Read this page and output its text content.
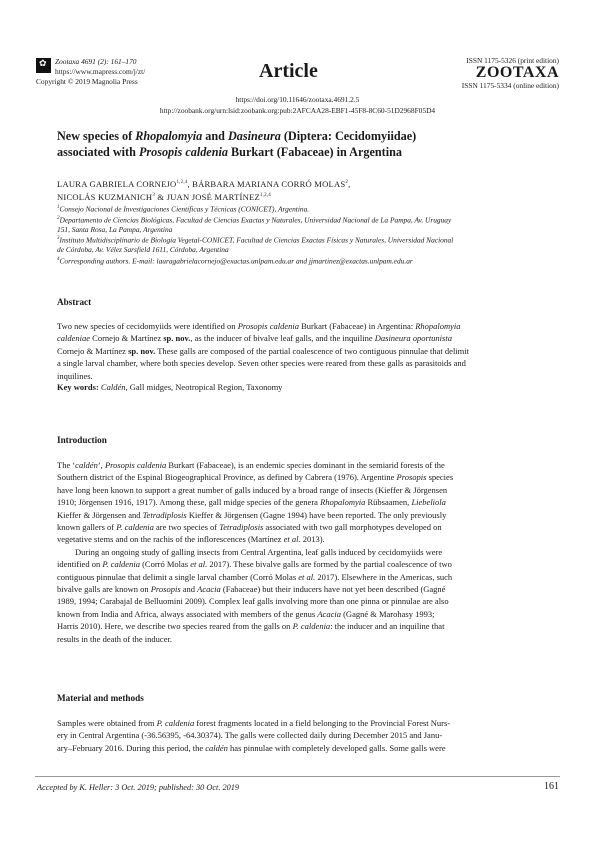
✿ Zootaxa 4691 (2): 161–170
https://www.mapress.com/j/zt/
Copyright © 2019 Magnolia Press	Article	ISSN 1175-5326 (print edition)
ZOOTAXA
ISSN 1175-5334 (online edition)
https://doi.org/10.11646/zootaxa.4691.2.5
http://zoobank.org/urn:lsid:zoobank.org:pub:2AFCAA28-EBF1-45F8-8C60-51D2968F05D4
New species of Rhopalomyia and Dasineura (Diptera: Cecidomyiidae)
associated with Prosopis caldenia Burkart (Fabaceae) in Argentina
LAURA GABRIELA CORNEJO$^{1,2,4}$, BÁRBARA MARIANA CORRÓ MOLAS$^2$,
NICOLÁS KUZMANICH$^3$ & JUAN JOSÉ MARTÍNEZ$^{1,2,4}$
$^1$Consejo Nacional de Investigaciones Científicas y Técnicas (CONICET), Argentina.
$^2$Departamento de Ciencias Biológicas, Facultad de Ciencias Exactas y Naturales, Universidad Nacional de La Pampa, Av. Uruguay
151, Santa Rosa, La Pampa, Argentina
$^3$Instituto Multidisciplinario de Biología Vegetal-CONICET, Facultad de Ciencias Exactas Físicas y Naturales, Universidad Nacional
de Córdoba, Av. Vélez Sarsfield 1611, Córdoba, Argentina
$^4$Corresponding authors. E-mail: lauragabrielacornejo@exactas.unlpam.edu.ar and jjmartinez@exactas.unlpam.edu.ar
Abstract
Two new species of cecidomyiids were identified on Prosopis caldenia Burkart (Fabaceae) in Argentina: Rhopalomyia
caldeniae Cornejo & Martínez sp. nov., as the inducer of bivalve leaf galls, and the inquiline Dasineura oportunista
Cornejo & Martínez sp. nov. These galls are composed of the partial coalescence of two contiguous pinnulae that delimit
a single larval chamber, where both species develop. Seven other species were reared from these galls as parasitoids and
inquilines.
Key words: Caldén, Gall midges, Neotropical Region, Taxonomy
Introduction
The ‘caldén’, Prosopis caldenia Burkart (Fabaceae), is an endemic species dominant in the semiarid forests of the
Southern district of the Espinal Biogeographical Province, as defined by Cabrera (1976). Argentine Prosopis species
have long been known to support a great number of galls induced by a broad range of insects (Kieffer & Jörgensen
1910; Jörgensen 1916, 1917). Among these, gall midge species of the genera Rhopalomyia Rübsaamen, Liebeliola
Kieffer & Jörgensen and Tetradiplosis Kieffer & Jörgensen (Gagne 1994) have been reported. The only previously
known gallers of P. caldenia are two species of Tetradiplosis associated with two gall morphotypes developed on
vegetative stems and on the rachis of the inflorescences (Martínez et al. 2013).
During an ongoing study of galling insects from Central Argentina, leaf galls induced by cecidomyiids were
identified on P. caldenia (Corró Molas et al. 2017). These bivalve galls are formed by the partial coalescence of two
contiguous pinnulae that delimit a single larval chamber (Corró Molas et al. 2017). Elsewhere in the Americas, such
bivalve galls are known on Prosopis and Acacia (Fabaceae) but their inducers have not yet been described (Gagné
1989, 1994; Carabajal de Belluomini 2009). Complex leaf galls involving more than one pinna or pinnulae are also
known from India and Africa, always associated with members of the genus Acacia (Gagné & Marohasy 1993;
Harris 2010). Here, we describe two species reared from the galls on P. caldenia: the inducer and an inquiline that
results in the death of the inducer.
Material and methods
Samples were obtained from P. caldenia forest fragments located in a field belonging to the Provincial Forest Nurs-
ery in Central Argentina (-36.56395, -64.30374). The galls were collected daily during December 2015 and Janu-
ary–February 2016. During this period, the caldén has pinnulae with completely developed galls. Some galls were
Accepted by K. Heller: 3 Oct. 2019; published: 30 Oct. 2019	161
